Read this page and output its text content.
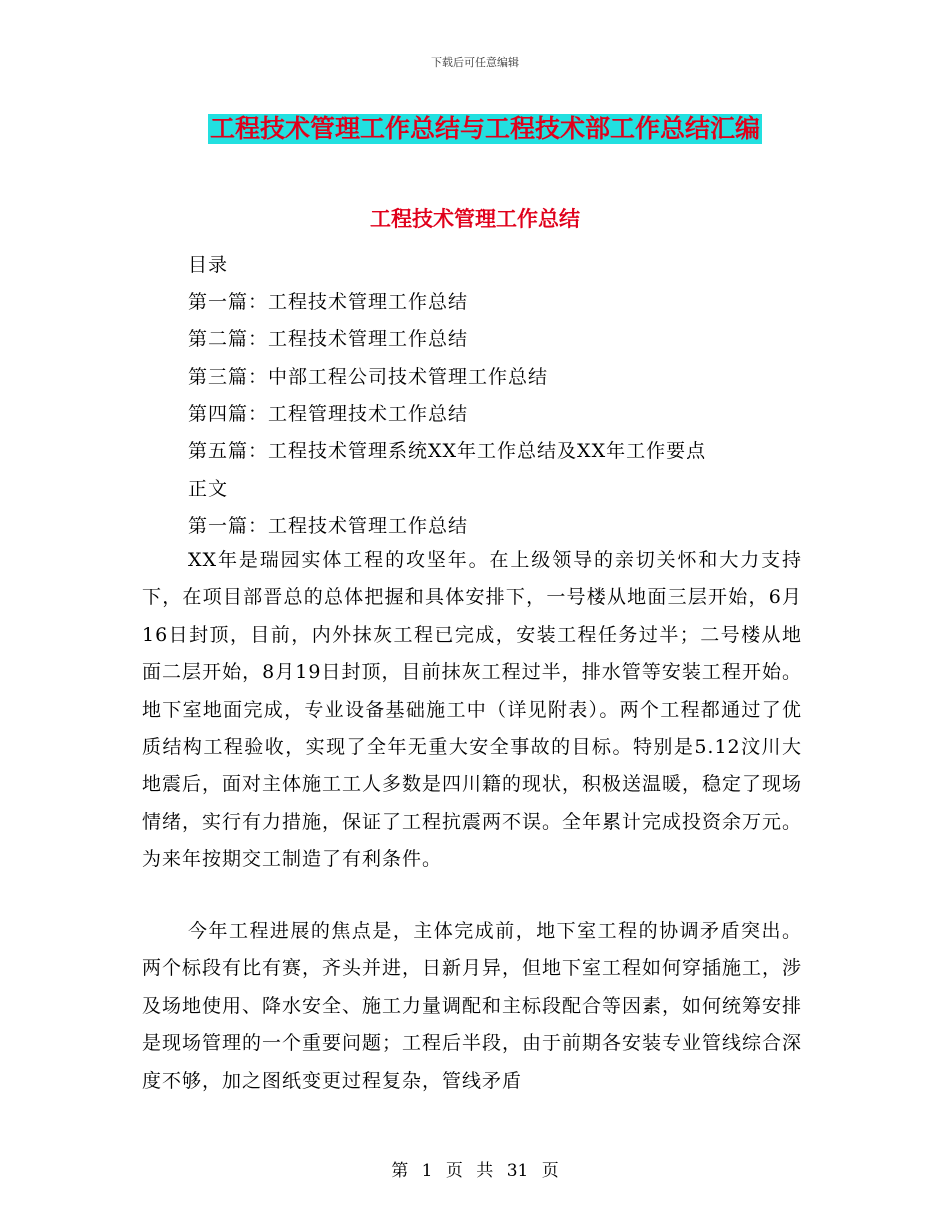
下载后可任意编辑
工程技术管理工作总结与工程技术部工作总结汇编
工程技术管理工作总结
目录
第一篇：工程技术管理工作总结
第二篇：工程技术管理工作总结
第三篇：中部工程公司技术管理工作总结
第四篇：工程管理技术工作总结
第五篇：工程技术管理系统XX年工作总结及XX年工作要点
正文
第一篇：工程技术管理工作总结

XX年是瑞园实体工程的攻坚年。在上级领导的亲切关怀和大力支持下，在项目部晋总的总体把握和具体安排下，一号楼从地面三层开始，6月16日封顶，目前，内外抹灰工程已完成，安装工程任务过半；二号楼从地面二层开始，8月19日封顶，目前抹灰工程过半，排水管等安装工程开始。地下室地面完成，专业设备基础施工中（详见附表）。两个工程都通过了优质结构工程验收，实现了全年无重大安全事故的目标。特别是5.12汶川大地震后，面对主体施工工人多数是四川籍的现状，积极送温暖，稳定了现场情绪，实行有力措施，保证了工程抗震两不误。全年累计完成投资余万元。为来年按期交工制造了有利条件。

今年工程进展的焦点是，主体完成前，地下室工程的协调矛盾突出。两个标段有比有赛，齐头并进，日新月异，但地下室工程如何穿插施工，涉及场地使用、降水安全、施工力量调配和主标段配合等因素，如何统筹安排是现场管理的一个重要问题；工程后半段，由于前期各安装专业管线综合深度不够，加之图纸变更过程复杂，管线矛盾

第 1 页 共 31 页
